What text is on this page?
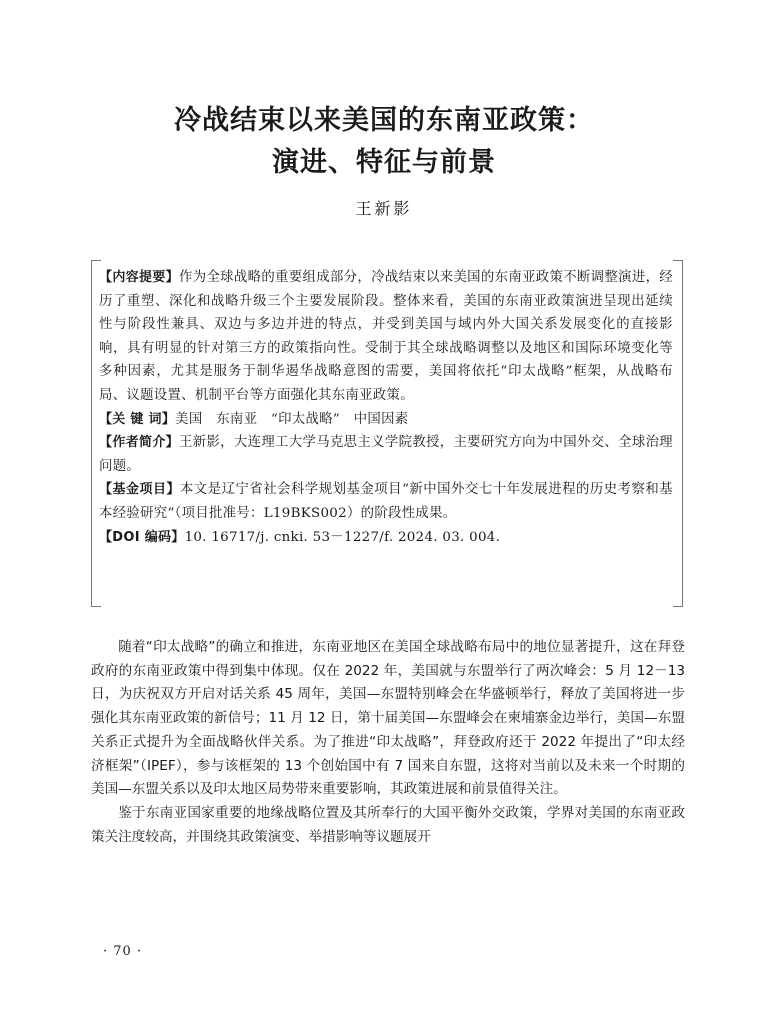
冷战结束以来美国的东南亚政策：
演进、特征与前景
王新影

【内容提要】作为全球战略的重要组成部分，冷战结束以来美国的东南亚政策不断调整演进，经历了重塑、深化和战略升级三个主要发展阶段。整体来看，美国的东南亚政策演进呈现出延续性与阶段性兼具、双边与多边并进的特点，并受到美国与域内外大国关系发展变化的直接影响，具有明显的针对第三方的政策指向性。受制于其全球战略调整以及地区和国际环境变化等多种因素，尤其是服务于制华遏华战略意图的需要，美国将依托“印太战略”框架，从战略布局、议题设置、机制平台等方面强化其东南亚政策。

【关 键 词】美国　东南亚　“印太战略”　中国因素

【作者简介】王新影，大连理工大学马克思主义学院教授，主要研究方向为中国外交、全球治理问题。

【基金项目】本文是辽宁省社会科学规划基金项目“新中国外交七十年发展进程的历史考察和基本经验研究”（项目批准号：L19BKS002）的阶段性成果。

【DOI 编码】10. 16717/j. cnki. 53－1227/f. 2024. 03. 004.

随着“印太战略”的确立和推进，东南亚地区在美国全球战略布局中的地位显著提升，这在拜登政府的东南亚政策中得到集中体现。仅在 2022 年，美国就与东盟举行了两次峰会：5 月 12－13 日，为庆祝双方开启对话关系 45 周年，美国—东盟特别峰会在华盛顿举行，释放了美国将进一步强化其东南亚政策的新信号；11 月 12 日，第十届美国—东盟峰会在柬埔寨金边举行，美国—东盟关系正式提升为全面战略伙伴关系。为了推进“印太战略”，拜登政府还于 2022 年提出了“印太经济框架”（IPEF），参与该框架的 13 个创始国中有 7 国来自东盟，这将对当前以及未来一个时期的美国—东盟关系以及印太地区局势带来重要影响，其政策进展和前景值得关注。

鉴于东南亚国家重要的地缘战略位置及其所奉行的大国平衡外交政策，学界对美国的东南亚政策关注度较高，并围绕其政策演变、举措影响等议题展开

· 70 ·
